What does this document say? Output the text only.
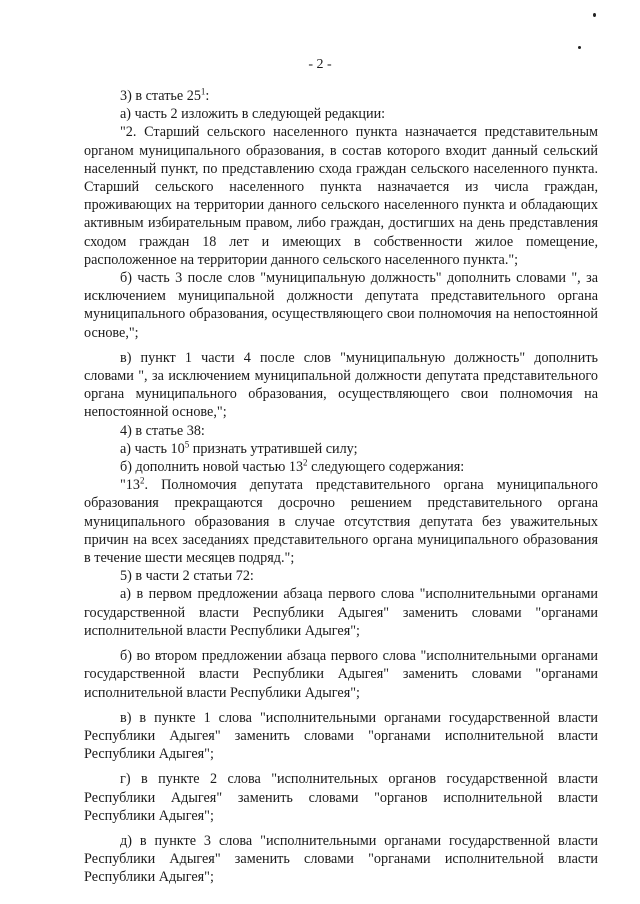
- 2 -

3) в статье $25^1$:

а) часть 2 изложить в следующей редакции:

"2. Старший сельского населенного пункта назначается представительным органом муниципального образования, в состав которого входит данный сельский населенный пункт, по представлению схода граждан сельского населенного пункта. Старший сельского населенного пункта назначается из числа граждан, проживающих на территории данного сельского населенного пункта и обладающих активным избирательным правом, либо граждан, достигших на день представления сходом граждан 18 лет и имеющих в собственности жилое помещение, расположенное на территории данного сельского населенного пункта.";

б) часть 3 после слов "муниципальную должность" дополнить словами ", за исключением муниципальной должности депутата представительного органа муниципального образования, осуществляющего свои полномочия на непостоянной основе,";

в) пункт 1 части 4 после слов "муниципальную должность" дополнить словами ", за исключением муниципальной должности депутата представительного органа муниципального образования, осуществляющего свои полномочия на непостоянной основе,";

4) в статье 38:

а) часть $10^5$ признать утратившей силу;

б) дополнить новой частью $13^2$ следующего содержания:

"$13^2$. Полномочия депутата представительного органа муниципального образования прекращаются досрочно решением представительного органа муниципального образования в случае отсутствия депутата без уважительных причин на всех заседаниях представительного органа муниципального образования в течение шести месяцев подряд.";

5) в части 2 статьи 72:

а) в первом предложении абзаца первого слова "исполнительными органами государственной власти Республики Адыгея" заменить словами "органами исполнительной власти Республики Адыгея";

б) во втором предложении абзаца первого слова "исполнительными органами государственной власти Республики Адыгея" заменить словами "органами исполнительной власти Республики Адыгея";

в) в пункте 1 слова "исполнительными органами государственной власти Республики Адыгея" заменить словами "органами исполнительной власти Республики Адыгея";

г) в пункте 2 слова "исполнительных органов государственной власти Республики Адыгея" заменить словами "органов исполнительной власти Республики Адыгея";

д) в пункте 3 слова "исполнительными органами государственной власти Республики Адыгея" заменить словами "органами исполнительной власти Республики Адыгея";
